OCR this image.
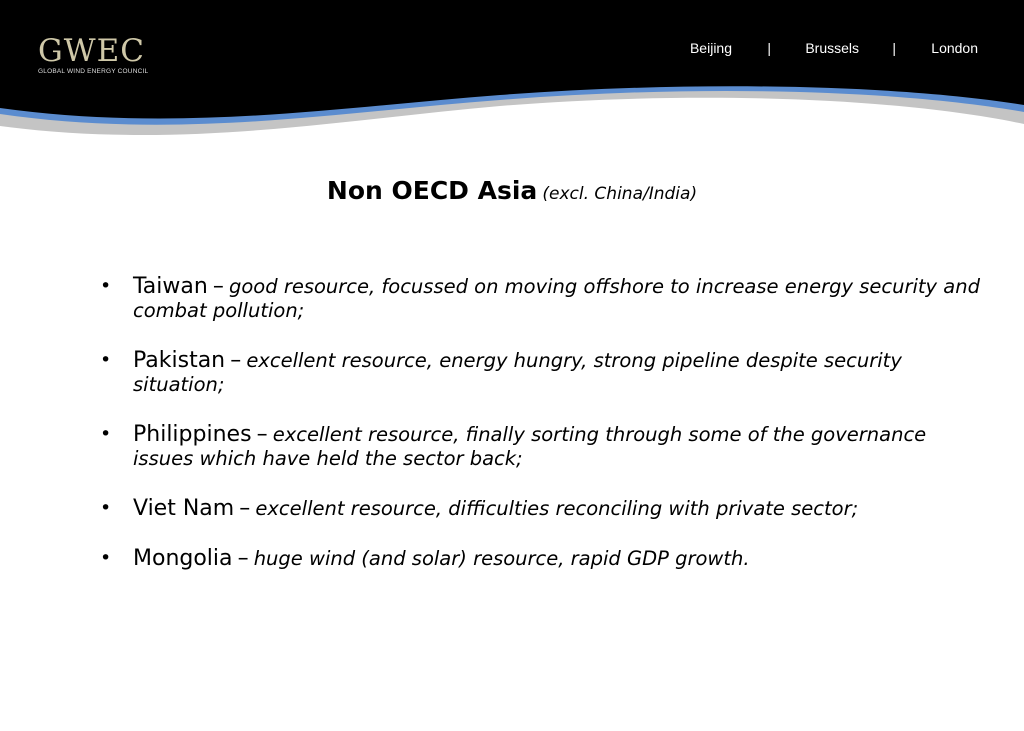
GWEC
GLOBAL WIND ENERGY COUNCIL
Beijing	| Brussels |	London
Non OECD Asia (excl. China/India)
• Taiwan – good resource, focussed on moving offshore to increase energy security and combat pollution;
• Pakistan – excellent resource, energy hungry, strong pipeline despite security situation;
• Philippines – excellent resource, finally sorting through some of the governance issues which have held the sector back;
• Viet Nam – excellent resource, difficulties reconciling with private sector;
• Mongolia – huge wind (and solar) resource, rapid GDP growth.
